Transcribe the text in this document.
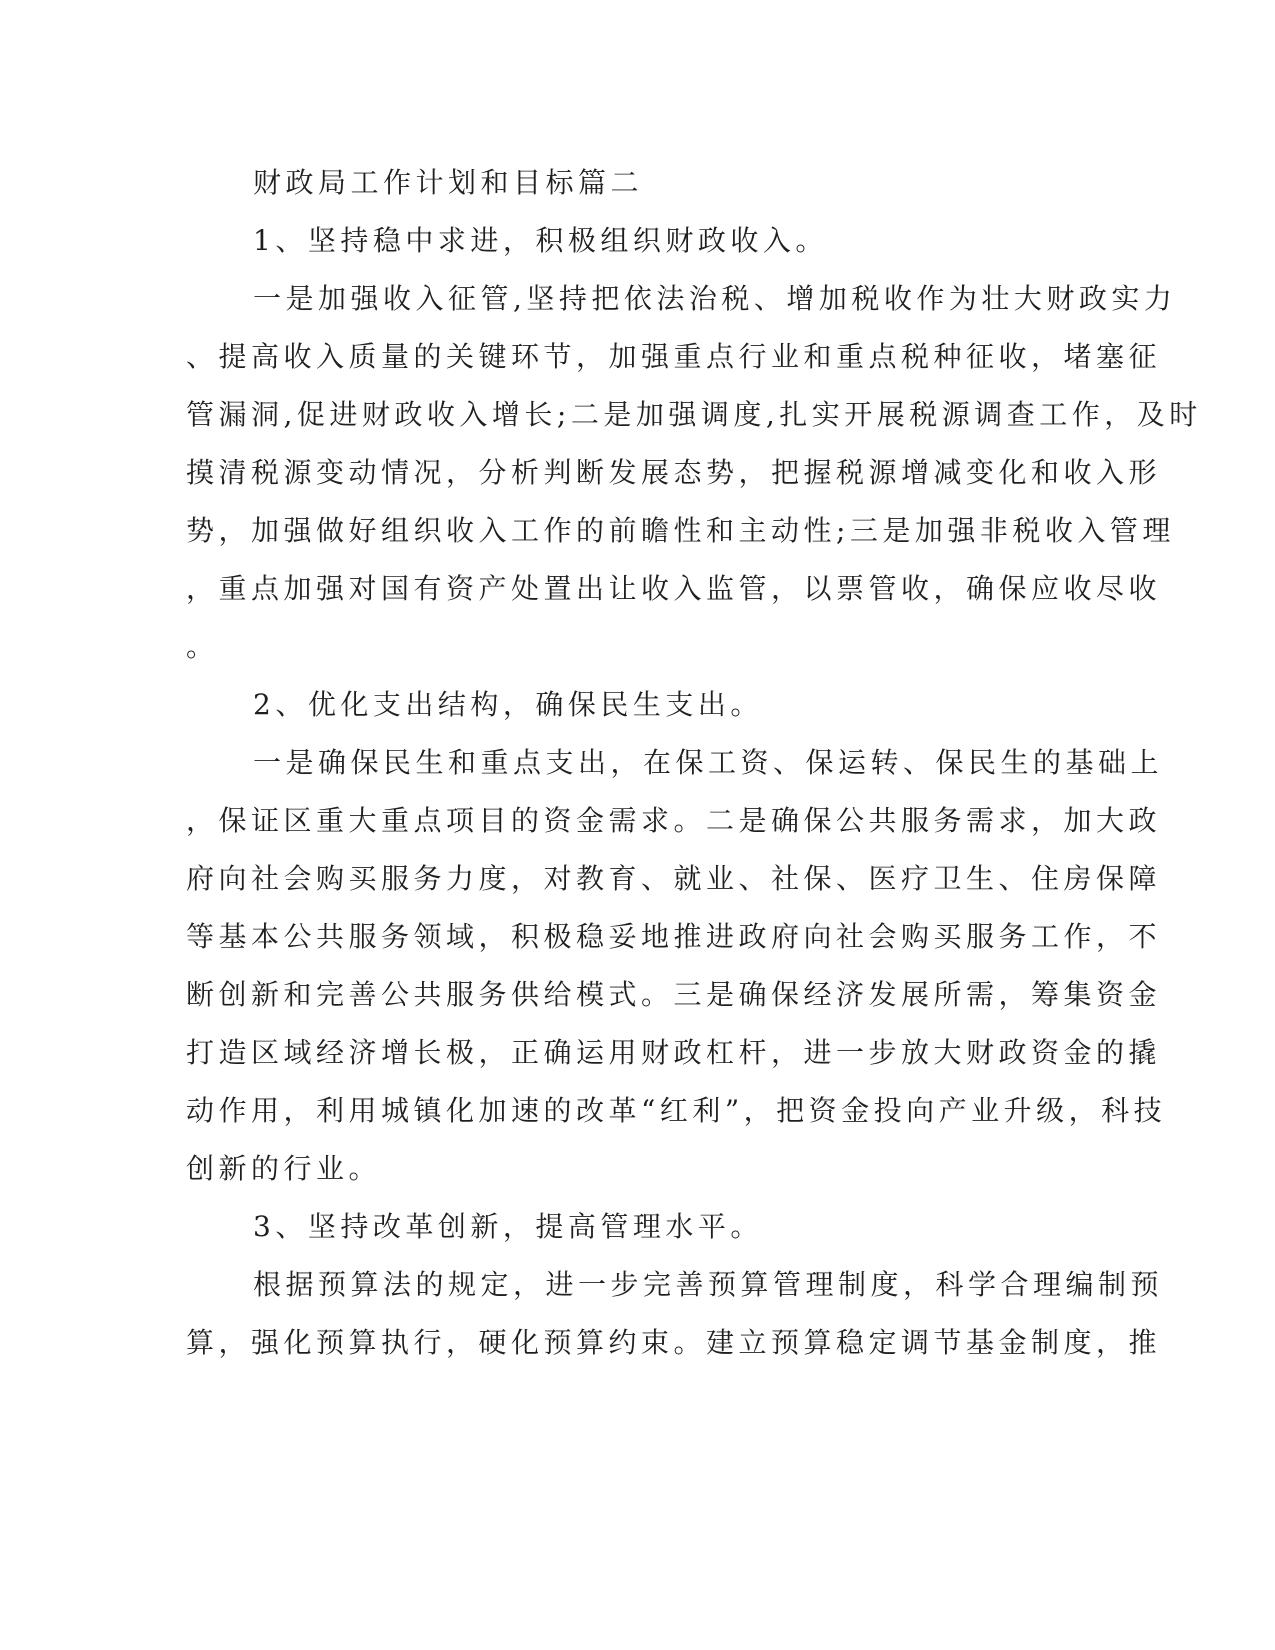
财政局工作计划和目标篇二

1、坚持稳中求进，积极组织财政收入。

一是加强收入征管,坚持把依法治税、增加税收作为壮大财政实力

、提高收入质量的关键环节，加强重点行业和重点税种征收，堵塞征

管漏洞,促进财政收入增长;二是加强调度,扎实开展税源调查工作，及时

摸清税源变动情况，分析判断发展态势，把握税源增减变化和收入形

势，加强做好组织收入工作的前瞻性和主动性;三是加强非税收入管理

，重点加强对国有资产处置出让收入监管，以票管收，确保应收尽收

。

2、优化支出结构，确保民生支出。

一是确保民生和重点支出，在保工资、保运转、保民生的基础上

，保证区重大重点项目的资金需求。二是确保公共服务需求，加大政

府向社会购买服务力度，对教育、就业、社保、医疗卫生、住房保障

等基本公共服务领域，积极稳妥地推进政府向社会购买服务工作，不

断创新和完善公共服务供给模式。三是确保经济发展所需，筹集资金

打造区域经济增长极，正确运用财政杠杆，进一步放大财政资金的撬

动作用，利用城镇化加速的改革“红利”，把资金投向产业升级，科技

创新的行业。

3、坚持改革创新，提高管理水平。

根据预算法的规定，进一步完善预算管理制度，科学合理编制预

算，强化预算执行，硬化预算约束。建立预算稳定调节基金制度，推
